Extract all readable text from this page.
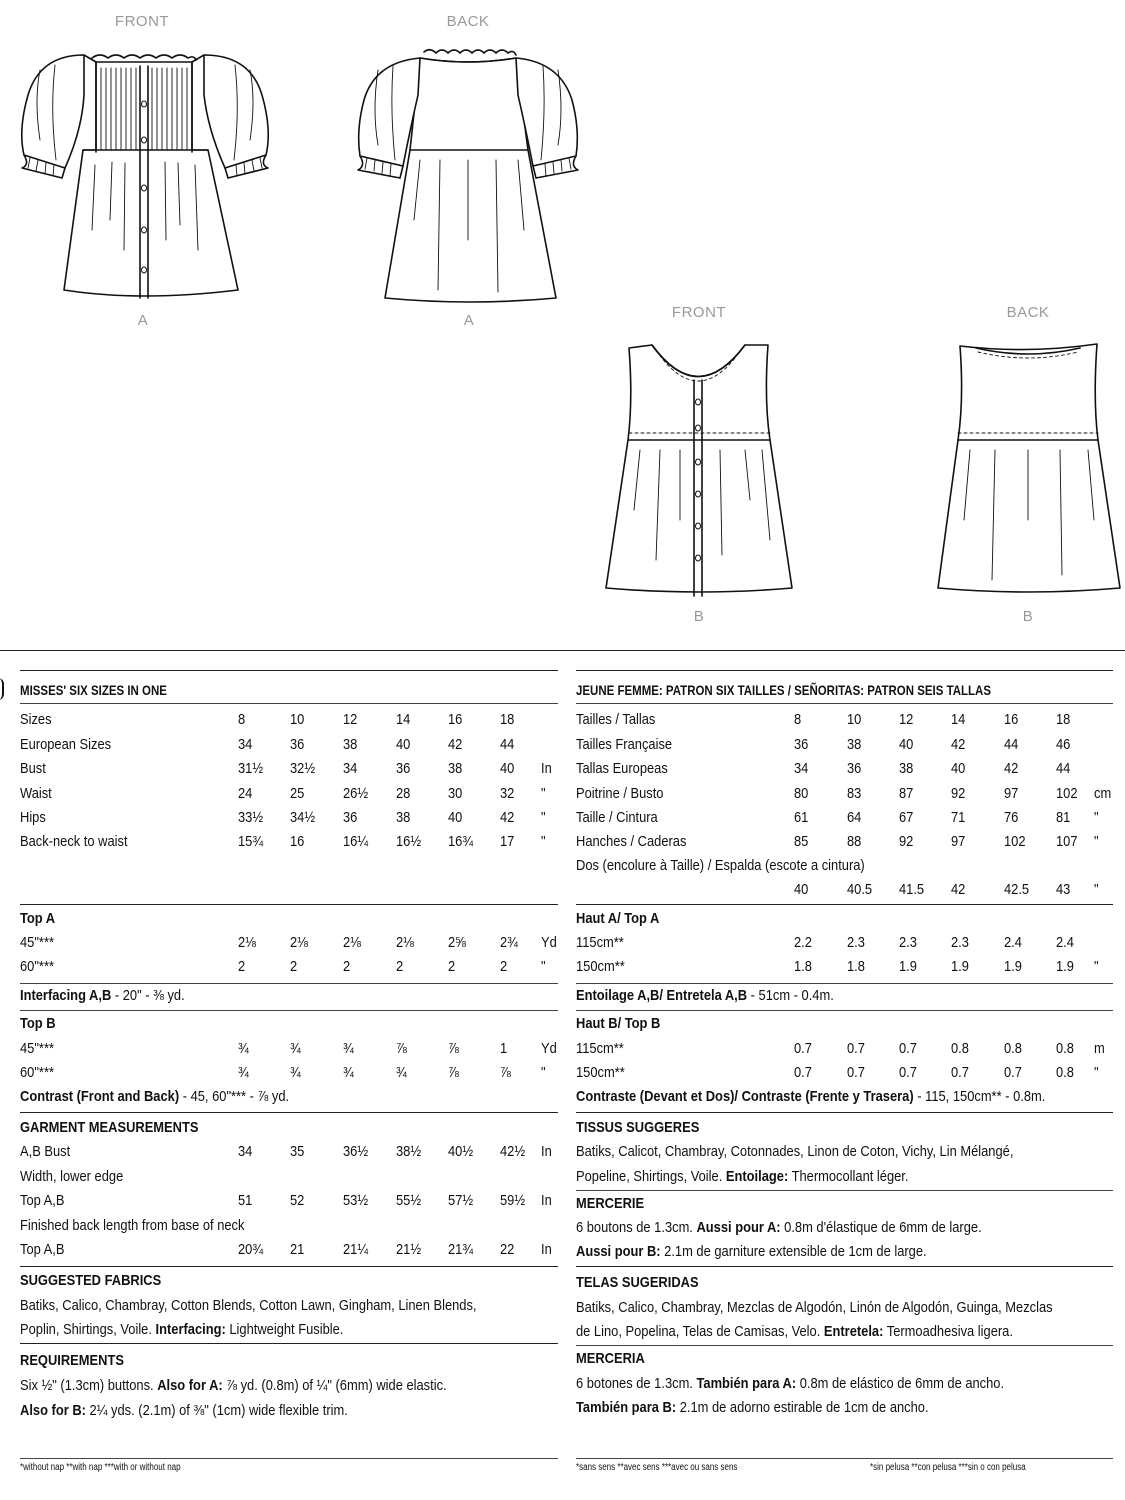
FRONT	BACK
A	A	FRONT	BACK
B	B
MISSES' SIX SIZES IN ONE
Sizes	8	10	12	14	16	18
European Sizes	34	36	38	40	42	44
Bust	31½ 32½ 34	36	38	40 In
Waist	24	25	26½ 28	30	32 "
Hips	33½ 34½ 36	38	40	42 "
Back-neck to waist	15¾ 16	16¼ 16½ 16¾ 17 "
Top A
45"***	2⅛ 2⅛ 2⅛ 2⅛ 2⅝ 2¾ Yd
60"***	2	2	2	2	2	2 "
Interfacing A,B - 20" - ⅜ yd.
Top B
45"***	¾	¾	¾	⅞	⅞	1 Yd
60"***	¾	¾	¾	¾	⅞	⅞ "
Contrast (Front and Back) - 45, 60"*** - ⅞ yd.
GARMENT MEASUREMENTS
A,B Bust	34	35	36½ 38½ 40½ 42½ In
Width, lower edge
Top A,B	51	52	53½ 55½ 57½ 59½ In
Finished back length from base of neck
Top A,B	20¾ 21	21¼ 21½ 21¾ 22 In
SUGGESTED FABRICS
Batiks, Calico, Chambray, Cotton Blends, Cotton Lawn, Gingham, Linen Blends,
Poplin, Shirtings, Voile. Interfacing: Lightweight Fusible.
REQUIREMENTS
Six ½" (1.3cm) buttons. Also for A: ⅞ yd. (0.8m) of ¼" (6mm) wide elastic.
Also for B: 2¼ yds. (2.1m) of ⅜" (1cm) wide flexible trim.
*without nap **with nap ***with or without nap
JEUNE FEMME: PATRON SIX TAILLES / SEÑORITAS: PATRON SEIS TALLAS
Tailles / Tallas	8	10	12	14	16	18
Tailles Française	36	38	40	42	44	46
Tallas Europeas	34	36	38	40	42	44
Poitrine / Busto	80	83	87	92	97	102 cm
Taille / Cintura	61	64	67	71	76	81 "
Hanches / Caderas	85	88	92	97	102 107 "
Dos (encolure à Taille) / Espalda (escote a cintura)
40	40.5 41.5 42	42.5 43 "
Haut A/ Top A
115cm**	2.2 2.3 2.3 2.3 2.4 2.4
150cm**	1.8 1.8 1.9 1.9 1.9 1.9 "
Entoilage A,B/ Entretela A,B - 51cm - 0.4m.
Haut B/ Top B
115cm**	0.7 0.7 0.7 0.8 0.8 0.8 m
150cm**	0.7 0.7 0.7 0.7 0.7 0.8 "
Contraste (Devant et Dos)/ Contraste (Frente y Trasera) - 115, 150cm** - 0.8m.
TISSUS SUGGERES
Batiks, Calicot, Chambray, Cotonnades, Linon de Coton, Vichy, Lin Mélangé,
Popeline, Shirtings, Voile. Entoilage: Thermocollant léger.
MERCERIE
6 boutons de 1.3cm. Aussi pour A: 0.8m d'élastique de 6mm de large.
Aussi pour B: 2.1m de garniture extensible de 1cm de large.
TELAS SUGERIDAS
Batiks, Calico, Chambray, Mezclas de Algodón, Linón de Algodón, Guinga, Mezclas
de Lino, Popelina, Telas de Camisas, Velo. Entretela: Termoadhesiva ligera.
MERCERIA
6 botones de 1.3cm. También para A: 0.8m de elástico de 6mm de ancho.
También para B: 2.1m de adorno estirable de 1cm de ancho.
*sans sens **avec sens ***avec ou sans sens	*sin pelusa **con pelusa ***sin o con pelusa
